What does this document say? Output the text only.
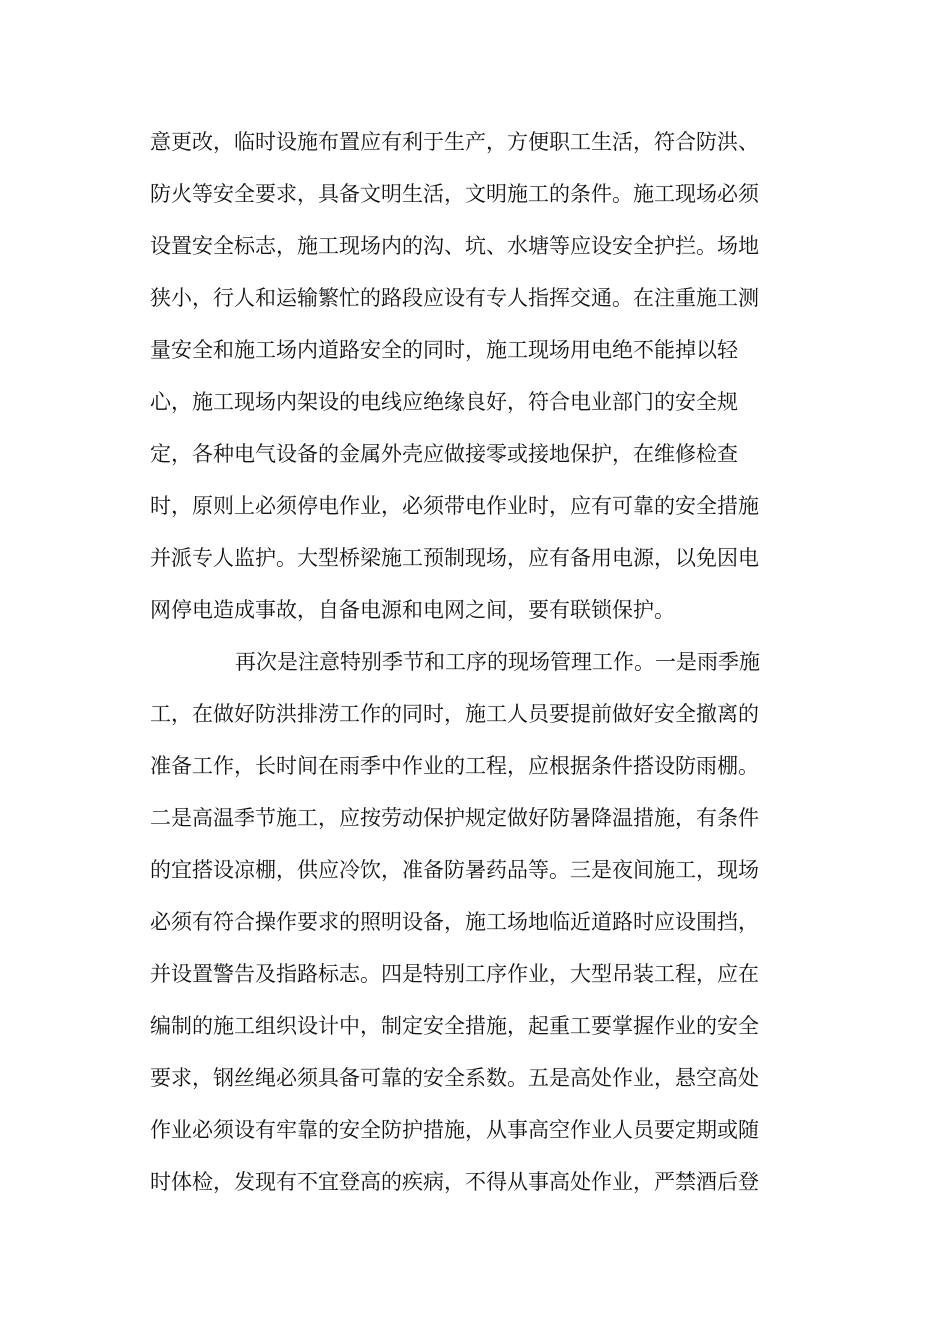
意更改，临时设施布置应有利于生产，方便职工生活，符合防洪、
防火等安全要求，具备文明生活，文明施工的条件。施工现场必须
设置安全标志，施工现场内的沟、坑、水塘等应设安全护拦。场地
狭小，行人和运输繁忙的路段应设有专人指挥交通。在注重施工测
量安全和施工场内道路安全的同时，施工现场用电绝不能掉以轻
心，施工现场内架设的电线应绝缘良好，符合电业部门的安全规
定，各种电气设备的金属外壳应做接零或接地保护，在维修检查
时，原则上必须停电作业，必须带电作业时，应有可靠的安全措施
并派专人监护。大型桥梁施工预制现场，应有备用电源，以免因电
网停电造成事故，自备电源和电网之间，要有联锁保护。
再次是注意特别季节和工序的现场管理工作。一是雨季施
工，在做好防洪排涝工作的同时，施工人员要提前做好安全撤离的
准备工作，长时间在雨季中作业的工程，应根据条件搭设防雨棚。
二是高温季节施工，应按劳动保护规定做好防暑降温措施，有条件
的宜搭设凉棚，供应冷饮，准备防暑药品等。三是夜间施工，现场
必须有符合操作要求的照明设备，施工场地临近道路时应设围挡，
并设置警告及指路标志。四是特别工序作业，大型吊装工程，应在
编制的施工组织设计中，制定安全措施，起重工要掌握作业的安全
要求，钢丝绳必须具备可靠的安全系数。五是高处作业，悬空高处
作业必须设有牢靠的安全防护措施，从事高空作业人员要定期或随
时体检，发现有不宜登高的疾病，不得从事高处作业，严禁酒后登
